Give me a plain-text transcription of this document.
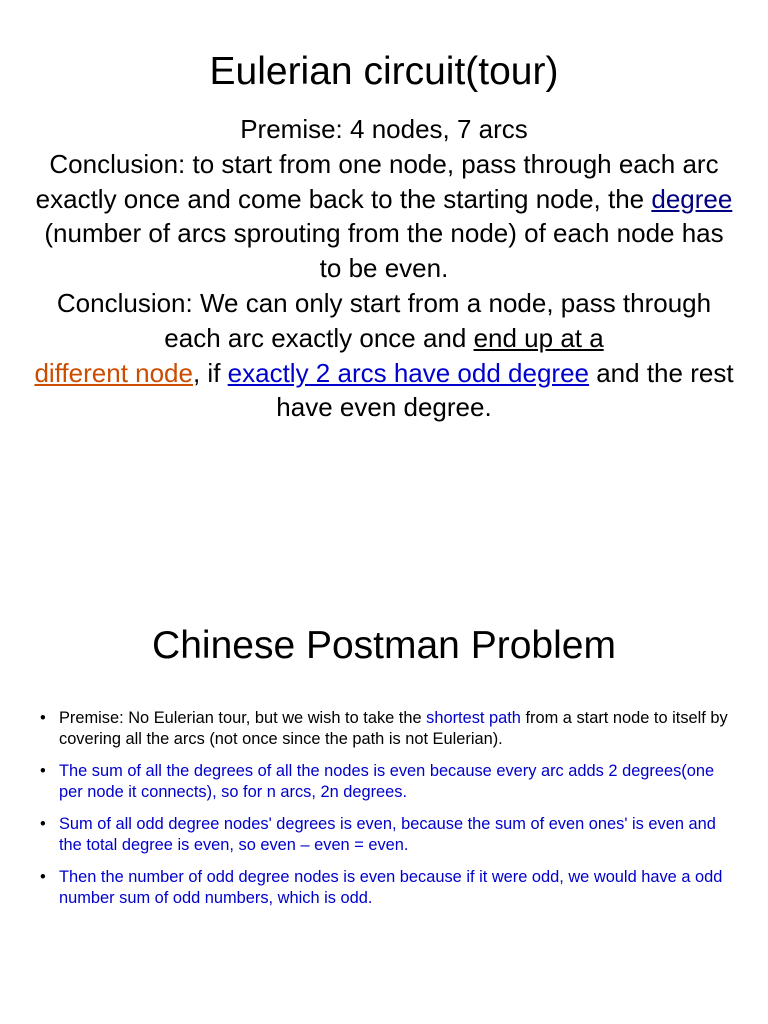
Eulerian circuit(tour)

Premise: 4 nodes, 7 arcs

Conclusion: to start from one node, pass through each arc exactly once and come back to the starting node, the degree (number of arcs sprouting from the node) of each node has to be even.

Conclusion: We can only start from a node, pass through each arc exactly once and end up at a
different node, if exactly 2 arcs have odd degree and the rest have even degree.

Chinese Postman Problem
• Premise: No Eulerian tour, but we wish to take the shortest path from a start node to itself by covering all the arcs (not once since the path is not Eulerian).
• The sum of all the degrees of all the nodes is even because every arc adds 2 degrees(one per node it connects), so for n arcs, 2n degrees.
• Sum of all odd degree nodes' degrees is even, because the sum of even ones' is even and the total degree is even, so even – even = even.
• Then the number of odd degree nodes is even because if it were odd, we would have a odd number sum of odd numbers, which is odd.
